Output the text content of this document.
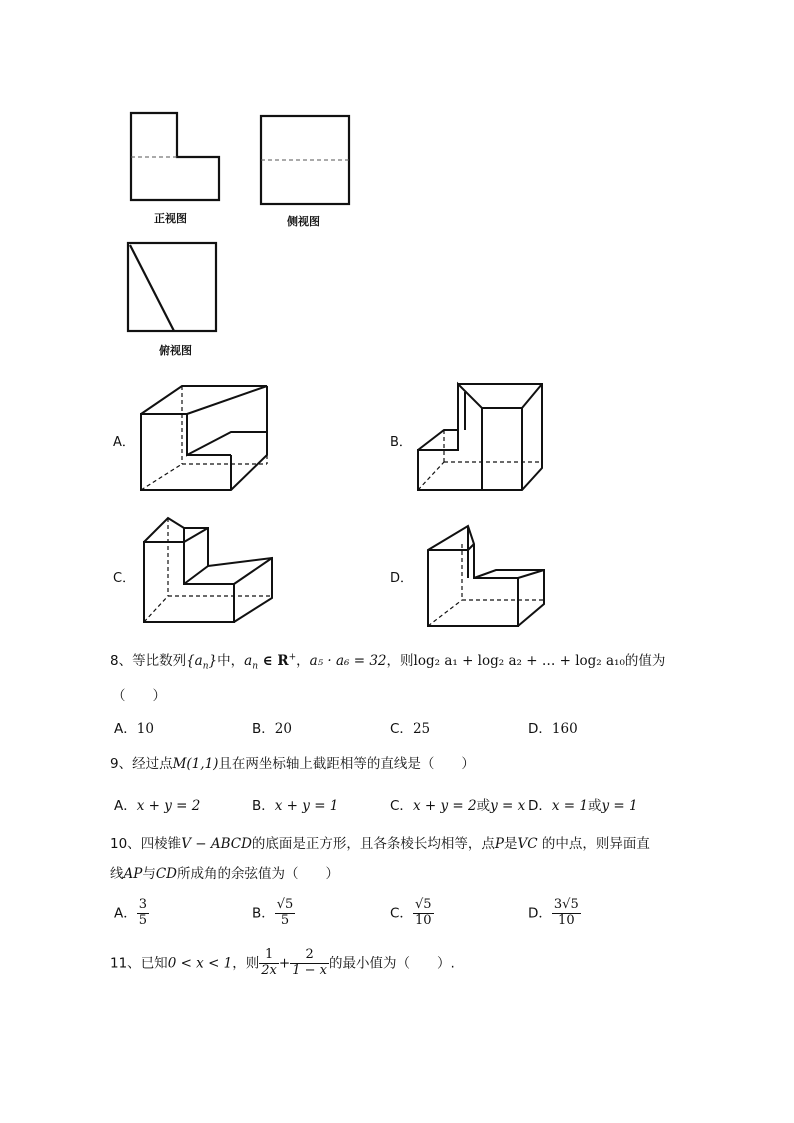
正视图	侧视图
俯视图
A．	B．
C．	D．
8、等比数列$\{a_n\}$中，$a_n$ ∈ R+，a₅ · a₆ = 32，则log₂ a₁ + log₂ a₂ + … + log₂ a₁₀的值为
（　　）
A．10	B．20	C．25	D．160
9、经过点M(1,1)且在两坐标轴上截距相等的直线是（　　）
A．x + y = 2	B．x + y = 1	C．x + y = 2或y = x D．x = 1或y = 1
10、四棱锥V − ABCD的底面是正方形，且各条棱长均相等，点P是VC 的中点，则异面直
线AP与CD所成角的余弦值为（　　）
A． $\frac{3}{5}$	B． $\frac{√5}{5}$	C． $\frac{√5}{10}$	D． $\frac{3√5}{10}$
11、已知0 < x < 1，则 $\frac{1}{2x} + \frac{2}{1 - x}$ 的最小值为（　　）.
